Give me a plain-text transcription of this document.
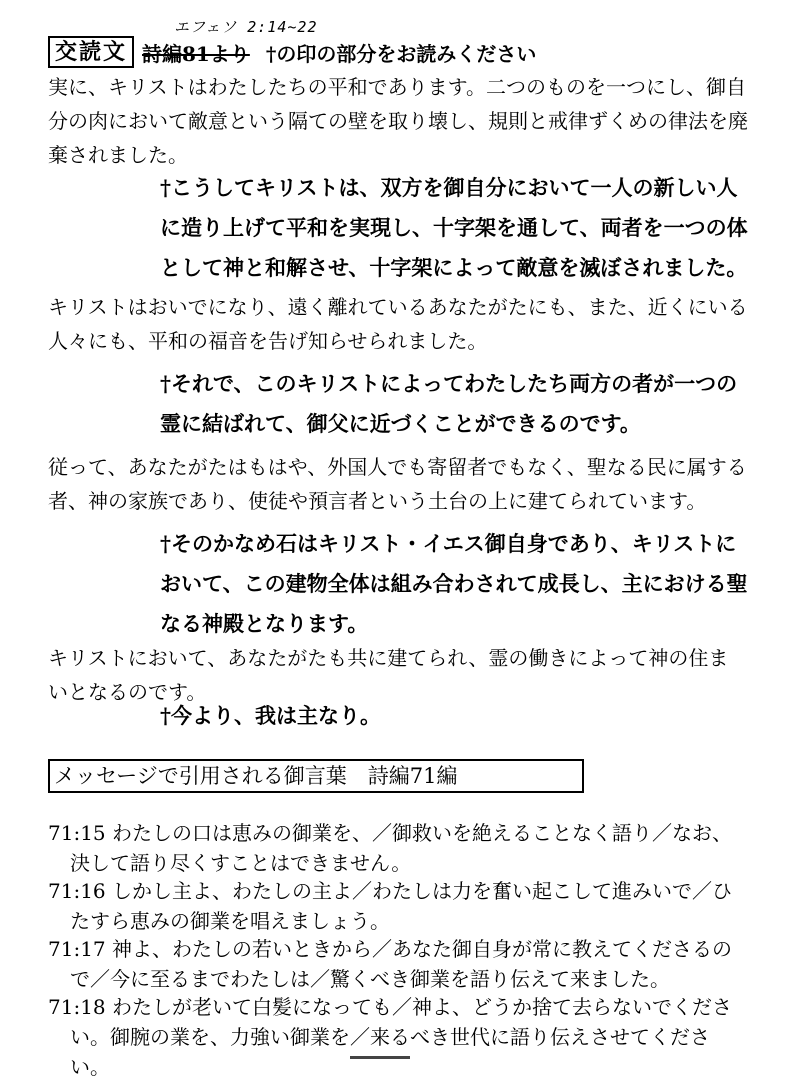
エフェソ 2:14~22
交読文 詩編81より †の印の部分をお読みください

実に、キリストはわたしたちの平和であります。二つのものを一つにし、御自分の肉において敵意という隔ての壁を取り壊し、規則と戒律ずくめの律法を廃棄されました。

†こうしてキリストは、双方を御自分において一人の新しい人に造り上げて平和を実現し、十字架を通して、両者を一つの体として神と和解させ、十字架によって敵意を滅ぼされました。

キリストはおいでになり、遠く離れているあなたがたにも、また、近くにいる人々にも、平和の福音を告げ知らせられました。

†それで、このキリストによってわたしたち両方の者が一つの霊に結ばれて、御父に近づくことができるのです。

従って、あなたがたはもはや、外国人でも寄留者でもなく、聖なる民に属する者、神の家族であり、使徒や預言者という土台の上に建てられています。

†そのかなめ石はキリスト・イエス御自身であり、キリストにおいて、この建物全体は組み合わされて成長し、主における聖なる神殿となります。

キリストにおいて、あなたがたも共に建てられ、霊の働きによって神の住まいとなるのです。

†今より、我は主なり。

メッセージで引用される御言葉　詩編71編

71:15 わたしの口は恵みの御業を、／御救いを絶えることなく語り／なお、決して語り尽くすことはできません。

71:16 しかし主よ、わたしの主よ／わたしは力を奮い起こして進みいで／ひたすら恵みの御業を唱えましょう。

71:17 神よ、わたしの若いときから／あなた御自身が常に教えてくださるので／今に至るまでわたしは／驚くべき御業を語り伝えて来ました。

71:18 わたしが老いて白髪になっても／神よ、どうか捨て去らないでください。御腕の業を、力強い御業を／来るべき世代に語り伝えさせてください。
